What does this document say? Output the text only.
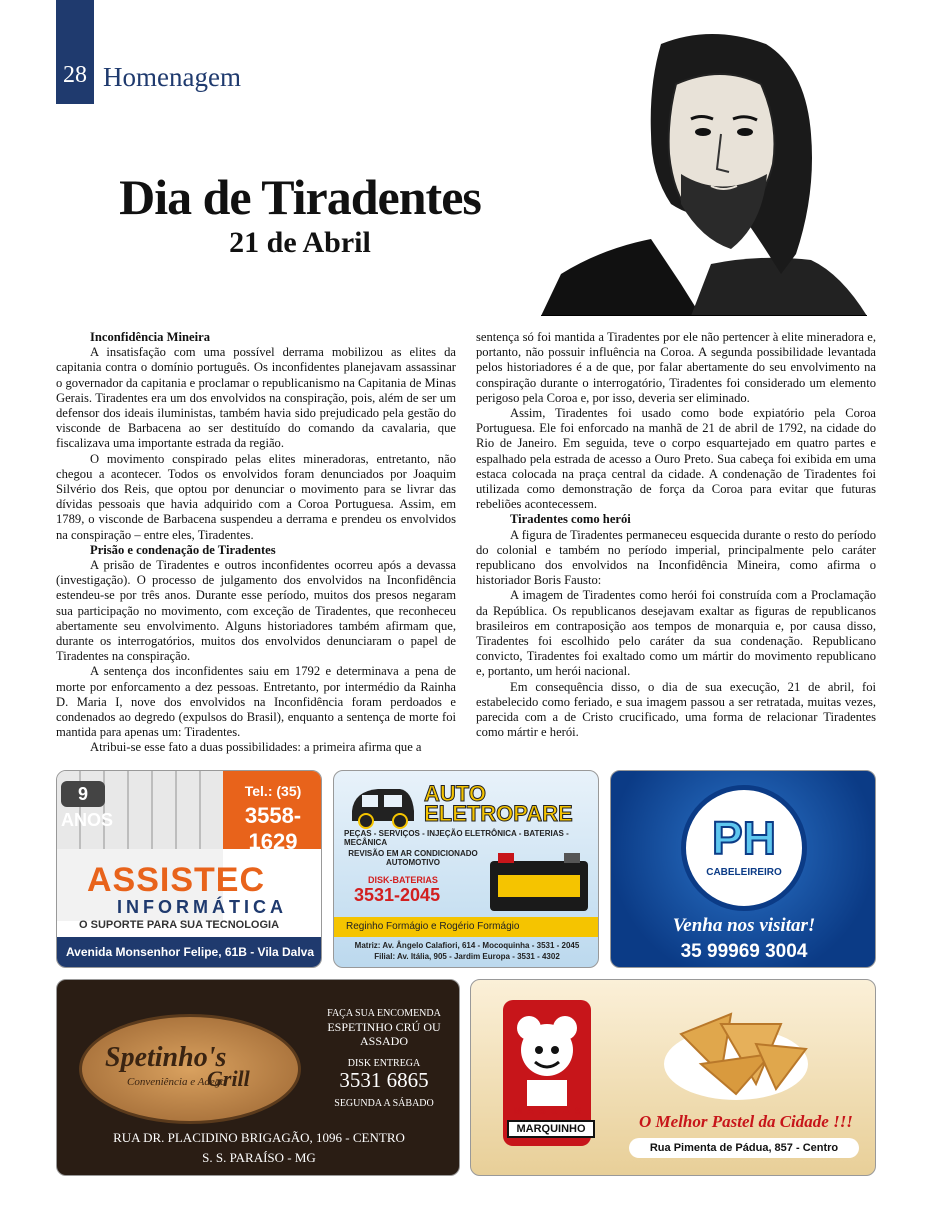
28 Homenagem
Dia de Tiradentes
21 de Abril
Inconfidência Mineira

A insatisfação com uma possível derrama mobilizou as elites da capitania contra o domínio português. Os inconfidentes planejavam assassinar o governador da capitania e proclamar o republicanismo na Capitania de Minas Gerais. Tiradentes era um dos envolvidos na conspiração, pois, além de ser um defensor dos ideais iluministas, também havia sido prejudicado pela gestão do visconde de Barbacena ao ser destituído do comando da cavalaria, que fiscalizava uma importante estrada da região.

O movimento conspirado pelas elites mineradoras, entretanto, não chegou a acontecer. Todos os envolvidos foram denunciados por Joaquim Silvério dos Reis, que optou por denunciar o movimento para se livrar das dívidas pessoais que havia adquirido com a Coroa Portuguesa. Assim, em 1789, o visconde de Barbacena suspendeu a derrama e prendeu os envolvidos na conspiração – entre eles, Tiradentes.

Prisão e condenação de Tiradentes

A prisão de Tiradentes e outros inconfidentes ocorreu após a devassa (investigação). O processo de julgamento dos envolvidos na Inconfidência estendeu-se por três anos. Durante esse período, muitos dos presos negaram sua participação no movimento, com exceção de Tiradentes, que reconheceu abertamente seu envolvimento. Alguns historiadores também afirmam que, durante os interrogatórios, muitos dos envolvidos denunciaram o papel de Tiradentes na conspiração.

A sentença dos inconfidentes saiu em 1792 e determinava a pena de morte por enforcamento a dez pessoas. Entretanto, por intermédio da Rainha D. Maria I, nove dos envolvidos na Inconfidência foram perdoados e condenados ao degredo (expulsos do Brasil), enquanto a sentença de morte foi mantida para apenas um: Tiradentes.

Atribui-se esse fato a duas possibilidades: a primeira afirma que a

sentença só foi mantida a Tiradentes por ele não pertencer à elite mineradora e, portanto, não possuir influência na Coroa. A segunda possibilidade levantada pelos historiadores é a de que, por falar abertamente do seu envolvimento na conspiração durante o interrogatório, Tiradentes foi considerado um elemento perigoso pela Coroa e, por isso, deveria ser eliminado.

Assim, Tiradentes foi usado como bode expiatório pela Coroa Portuguesa. Ele foi enforcado na manhã de 21 de abril de 1792, na cidade do Rio de Janeiro. Em seguida, teve o corpo esquartejado em quatro partes e espalhado pela estrada de acesso a Ouro Preto. Sua cabeça foi exibida em uma estaca colocada na praça central da cidade. A condenação de Tiradentes foi utilizada como demonstração de força da Coroa para evitar que futuras rebeliões acontecessem.

Tiradentes como herói

A figura de Tiradentes permaneceu esquecida durante o resto do período do colonial e também no período imperial, principalmente pelo caráter republicano dos envolvidos na Inconfidência Mineira, como afirma o historiador Boris Fausto:

A imagem de Tiradentes como herói foi construída com a Proclamação da República. Os republicanos desejavam exaltar as figuras de republicanos brasileiros em contraposição aos tempos de monarquia e, por causa disso, Tiradentes foi escolhido pelo caráter da sua condenação. Republicano convicto, Tiradentes foi exaltado como um mártir do movimento republicano e, portanto, um herói nacional.

Em consequência disso, o dia de sua execução, 21 de abril, foi estabelecido como feriado, e sua imagem passou a ser retratada, muitas vezes, parecida com a de Cristo crucificado, uma forma de relacionar Tiradentes como mártir e herói.

9 ANOS
Tel.: (35)
3558-1629
ASSISTEC
INFORMÁTICA
O SUPORTE PARA SUA TECNOLOGIA
Avenida Monsenhor Felipe, 61B - Vila Dalva
AUTO
ELETROPARE
PEÇAS - SERVIÇOS - INJEÇÃO ELETRÔNICA - BATERIAS - MECÂNICA
REVISÃO EM AR CONDICIONADO AUTOMOTIVO
DISK-BATERIAS
3531-2045
Reginho Formágio e Rogério Formágio
Matriz: Av. Ângelo Calafiori, 614 - Mocoquinha - 3531 - 2045
Filial: Av. Itália, 905 - Jardim Europa - 3531 - 4302
PH
CABELEIREIRO
Venha nos visitar!
35 99969 3004
Spetinho's
Conveniência e Adega
Grill
FAÇA SUA ENCOMENDA
ESPETINHO CRÚ OU
ASSADO
DISK ENTREGA
3531 6865
SEGUNDA A SÁBADO
RUA DR. PLACIDINO BRIGAGÃO, 1096 - CENTRO
S. S. PARAÍSO - MG
MASSAS
MARQUINHO	O Melhor Pastel da Cidade !!!
Rua Pimenta de Pádua, 857 - Centro
